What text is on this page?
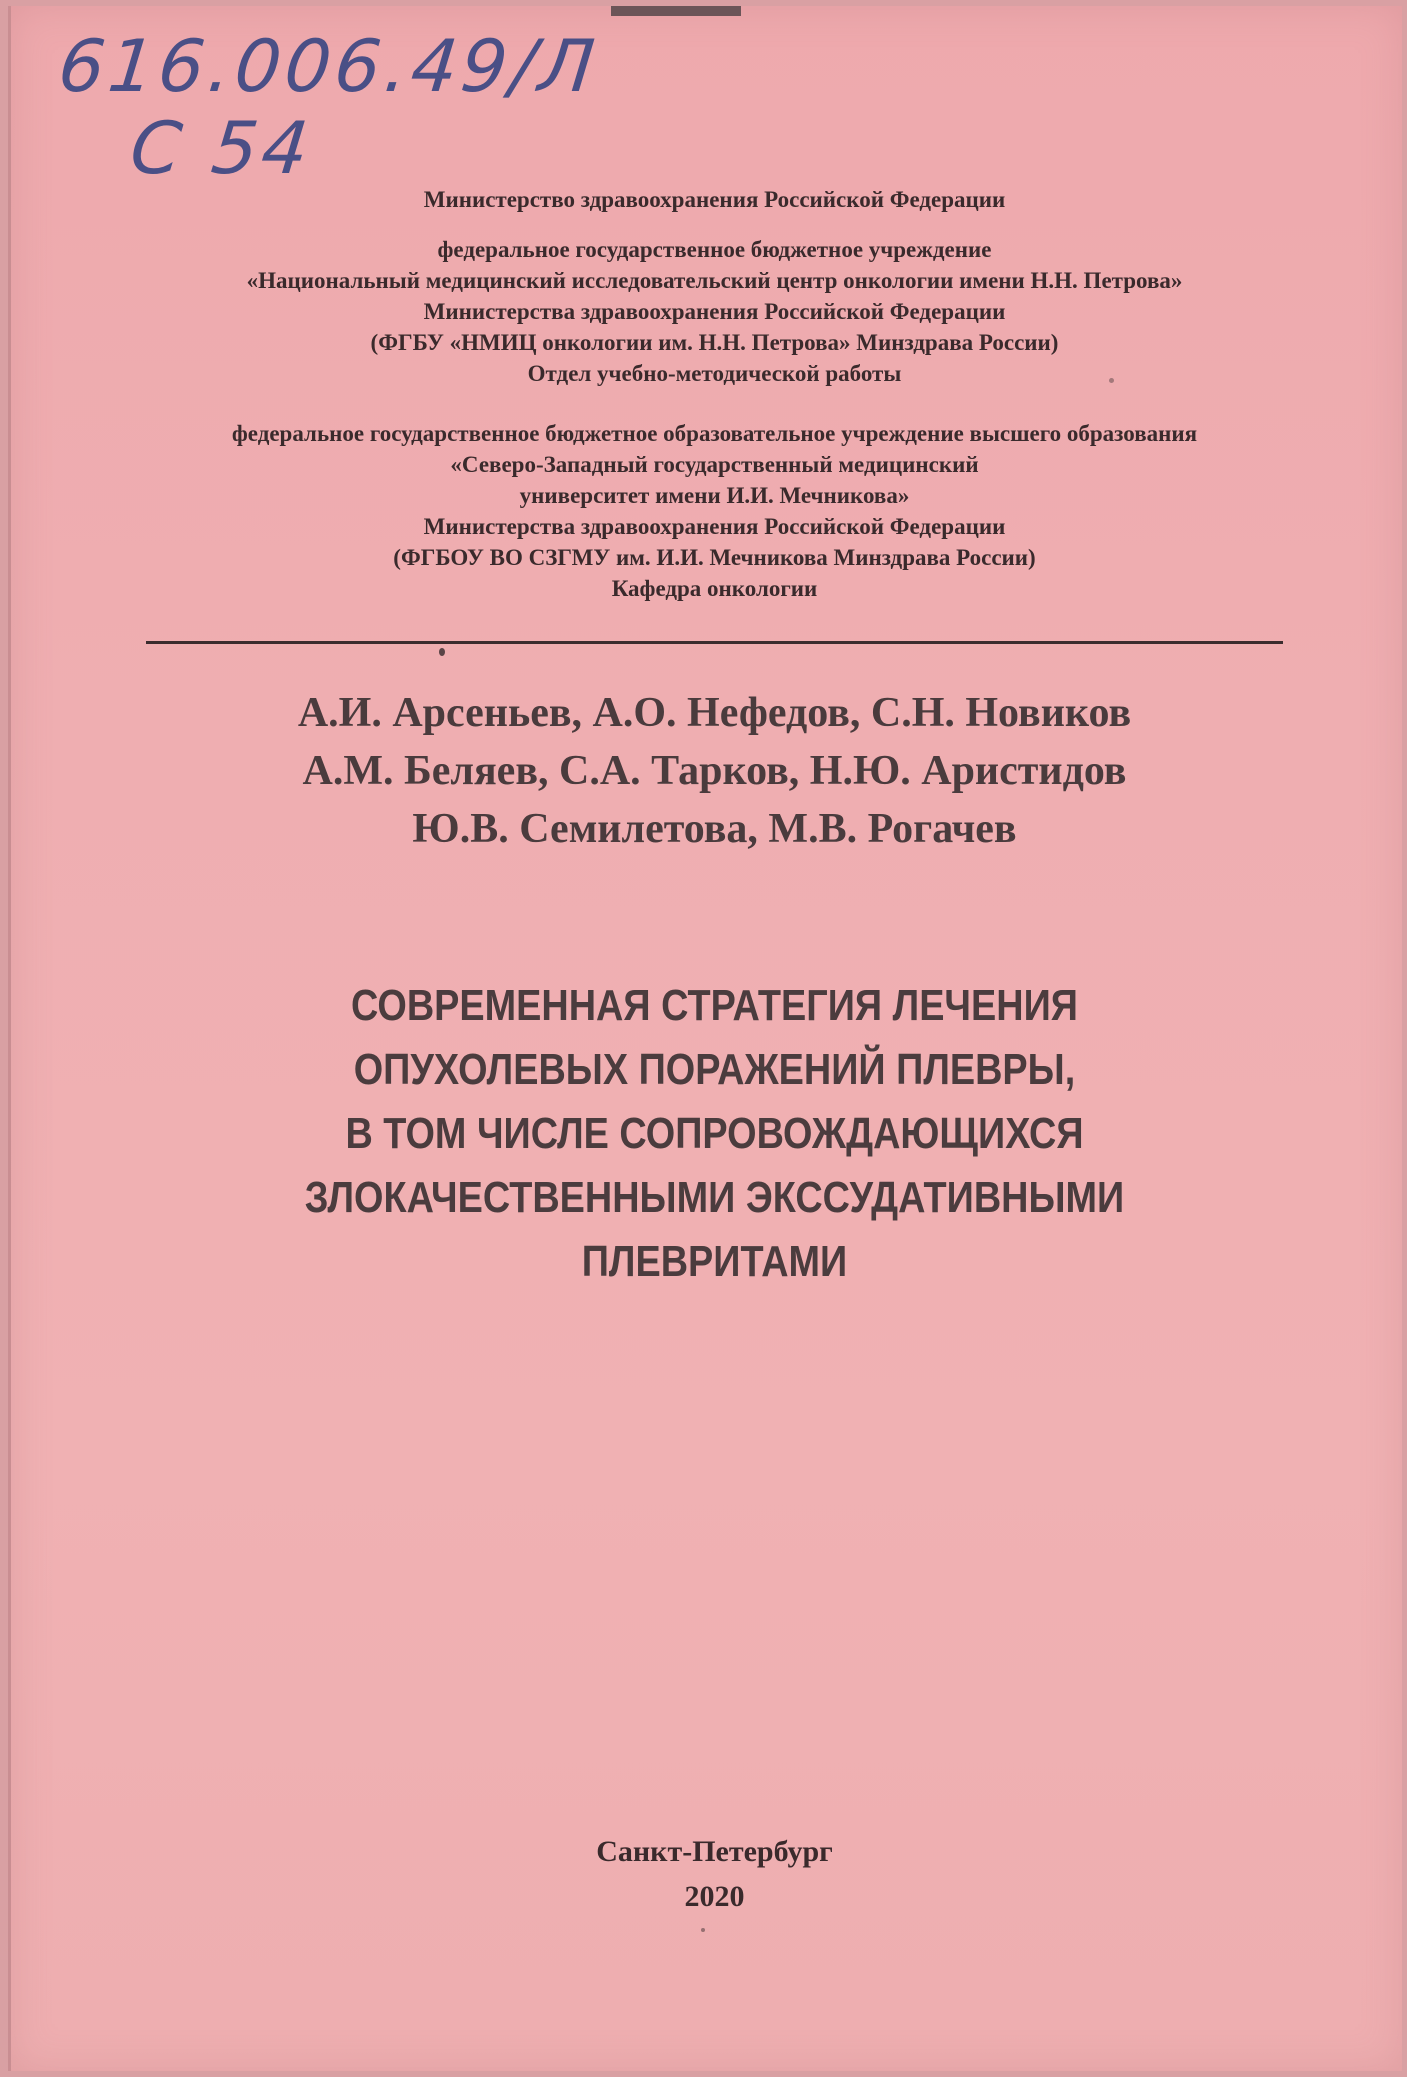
616.006.49/Л
С 54
Министерство здравоохранения Российской Федерации
федеральное государственное бюджетное учреждение
«Национальный медицинский исследовательский центр онкологии имени Н.Н. Петрова»
Министерства здравоохранения Российской Федерации
(ФГБУ «НМИЦ онкологии им. Н.Н. Петрова» Минздрава России)
Отдел учебно-методической работы
федеральное государственное бюджетное образовательное учреждение высшего образования
«Северо-Западный государственный медицинский
университет имени И.И. Мечникова»
Министерства здравоохранения Российской Федерации
(ФГБОУ ВО СЗГМУ им. И.И. Мечникова Минздрава России)
Кафедра онкологии
А.И. Арсеньев, А.О. Нефедов, С.Н. Новиков
А.М. Беляев, С.А. Тарков, Н.Ю. Аристидов
Ю.В. Семилетова, М.В. Рогачев
СОВРЕМЕННАЯ СТРАТЕГИЯ ЛЕЧЕНИЯ
ОПУХОЛЕВЫХ ПОРАЖЕНИЙ ПЛЕВРЫ,
В ТОМ ЧИСЛЕ СОПРОВОЖДАЮЩИХСЯ
ЗЛОКАЧЕСТВЕННЫМИ ЭКССУДАТИВНЫМИ
ПЛЕВРИТАМИ
Санкт-Петербург
2020
